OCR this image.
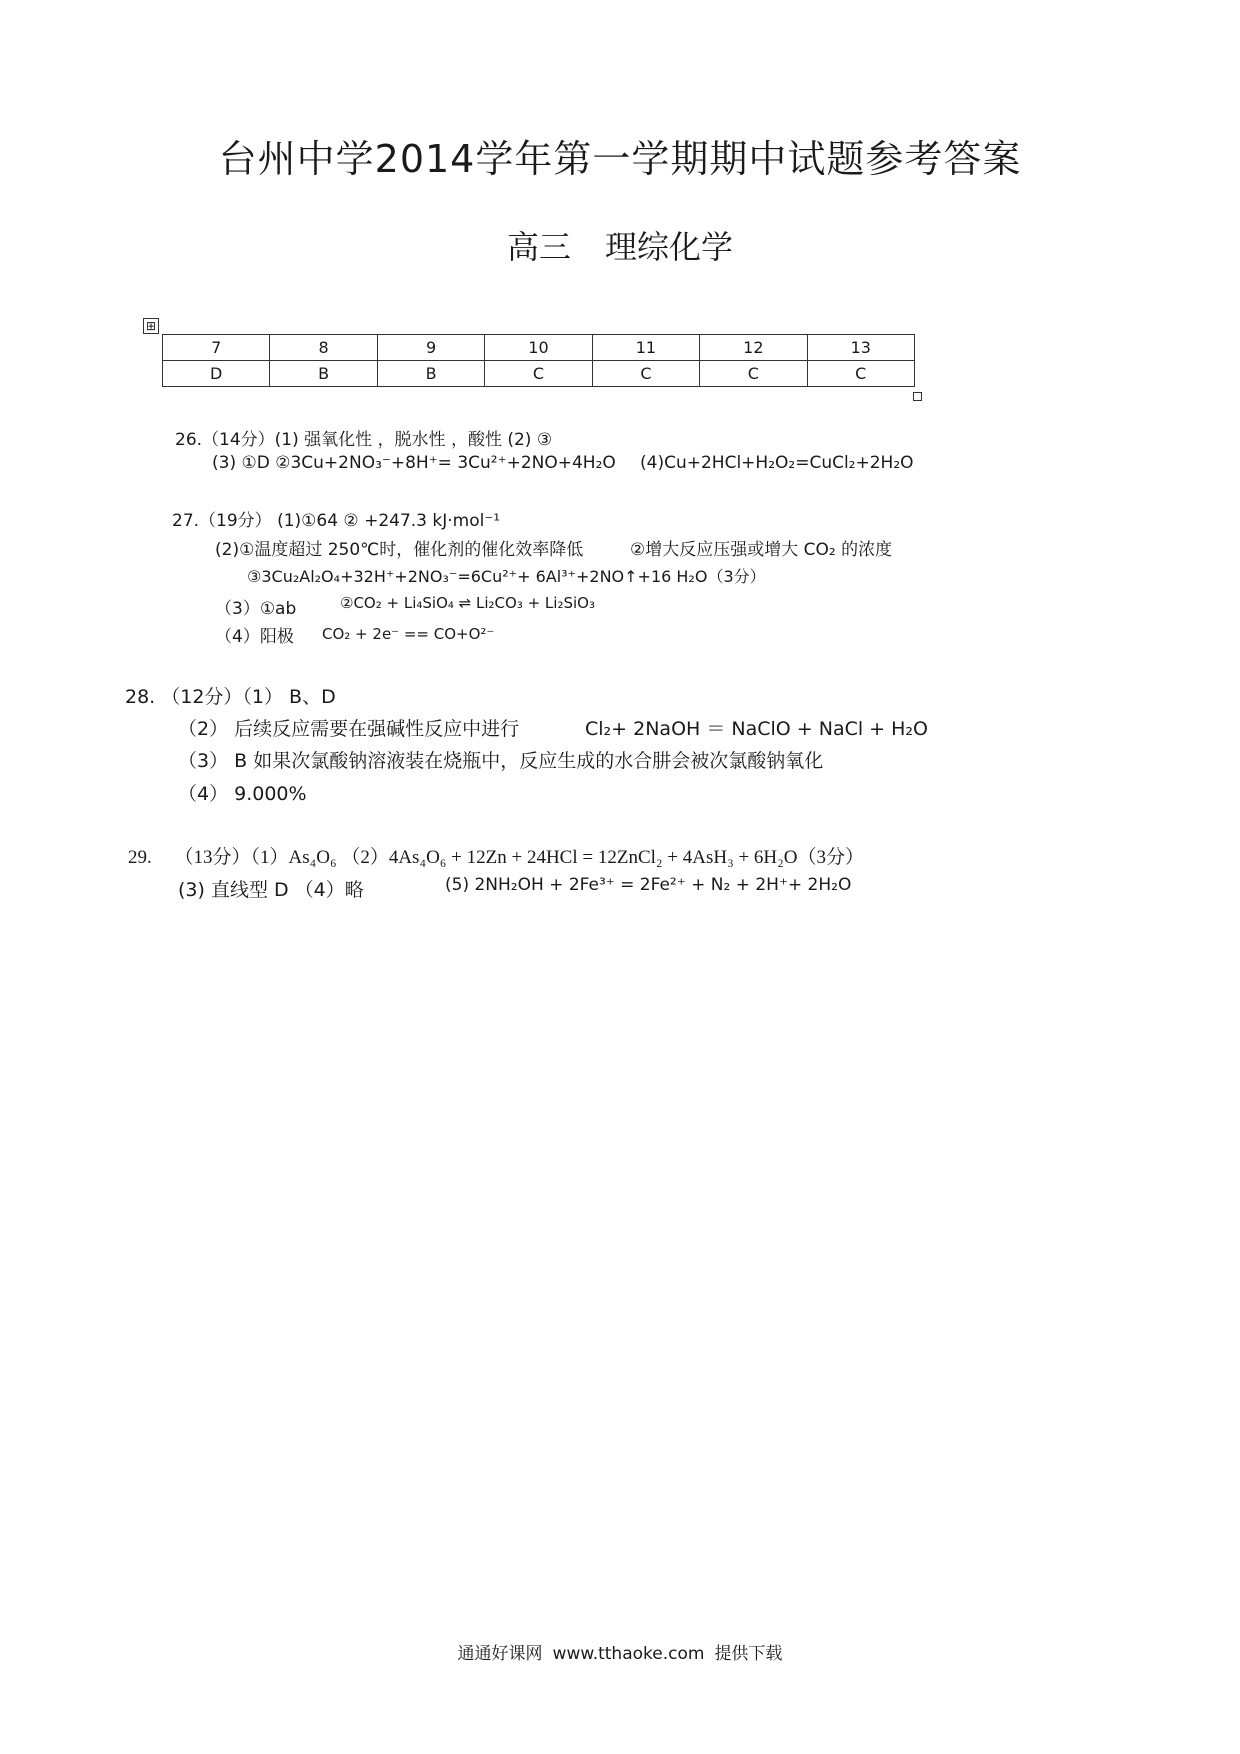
台州中学2014学年第一学期期中试题参考答案
高三 理综化学
⊞
7	8	9	10	11	12	13
D	B	B	C	C	C	C
26.（14分）(1) 强氧化性 ，脱水性 ，酸性 (2) ③
(3) ①D ②3Cu+2NO₃⁻+8H⁺= 3Cu²⁺+2NO+4H₂O (4)Cu+2HCl+H₂O₂=CuCl₂+2H₂O
27.（19分） (1)①64 ② +247.3 kJ·mol⁻¹
(2)①温度超过 250℃时，催化剂的催化效率降低	②增大反应压强或增大 CO₂ 的浓度
③3Cu₂Al₂O₄+32H⁺+2NO₃⁻=6Cu²⁺+ 6Al³⁺+2NO↑+16 H₂O（3分）
（3）①ab	②CO₂ + Li₄SiO₄ ⇌ Li₂CO₃ + Li₂SiO₃
（4）阳极 CO₂ + 2e⁻ == CO+O²⁻
28. （12分）（1） B、D
（2） 后续反应需要在强碱性反应中进行	Cl₂+ 2NaOH ＝ NaClO + NaCl + H₂O
（3） B 如果次氯酸钠溶液装在烧瓶中，反应生成的水合肼会被次氯酸钠氧化
（4） 9.000%
29. （13分）（1）As₄O₆ （2）4As₄O₆ + 12Zn + 24HCl = 12ZnCl₂ + 4AsH₃ + 6H₂O（3分）
(3) 直线型 D （4）略	(5) 2NH₂OH + 2Fe³⁺ = 2Fe²⁺ + N₂ + 2H⁺+ 2H₂O
通通好课网 www.tthaoke.com 提供下载
